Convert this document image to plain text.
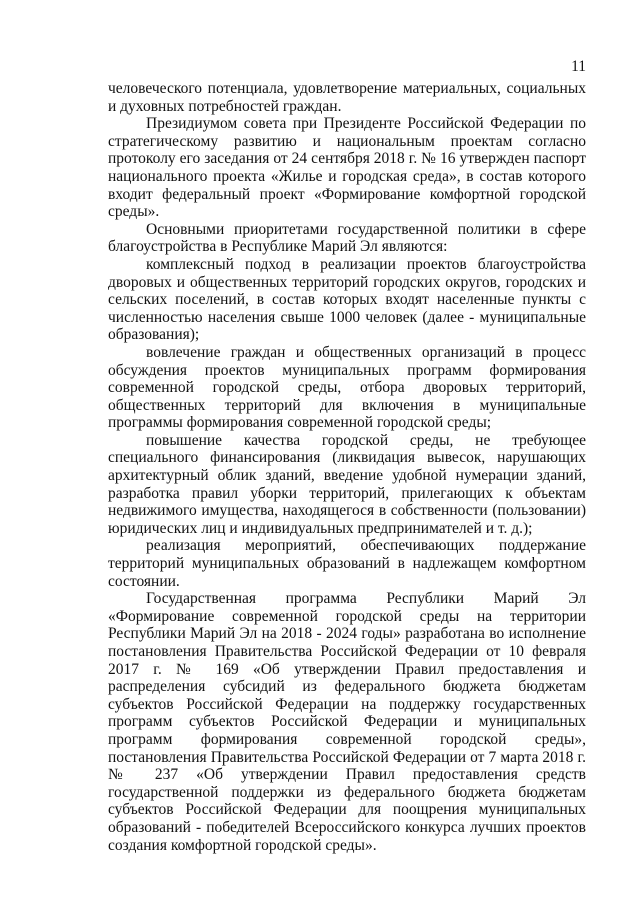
11

человеческого потенциала, удовлетворение материальных, социальных и духовных потребностей граждан.

Президиумом совета при Президенте Российской Федерации по стратегическому развитию и национальным проектам согласно протоколу его заседания от 24 сентября 2018 г. № 16 утвержден паспорт национального проекта «Жилье и городская среда», в состав которого входит федеральный проект «Формирование комфортной городской среды».

Основными приоритетами государственной политики в сфере благоустройства в Республике Марий Эл являются:

комплексный подход в реализации проектов благоустройства дворовых и общественных территорий городских округов, городских и сельских поселений, в состав которых входят населенные пункты с численностью населения свыше 1000 человек (далее - муниципальные образования);

вовлечение граждан и общественных организаций в процесс обсуждения проектов муниципальных программ формирования современной городской среды, отбора дворовых территорий, общественных территорий для включения в муниципальные программы формирования современной городской среды;

повышение качества городской среды, не требующее специального финансирования (ликвидация вывесок, нарушающих архитектурный облик зданий, введение удобной нумерации зданий, разработка правил уборки территорий, прилегающих к объектам недвижимого имущества, находящегося в собственности (пользовании) юридических лиц и индивидуальных предпринимателей и т. д.);

реализация мероприятий, обеспечивающих поддержание территорий муниципальных образований в надлежащем комфортном состоянии.

Государственная программа Республики Марий Эл «Формирование современной городской среды на территории Республики Марий Эл на 2018 - 2024 годы» разработана во исполнение постановления Правительства Российской Федерации от 10 февраля 2017 г. № 169 «Об утверждении Правил предоставления и распределения субсидий из федерального бюджета бюджетам субъектов Российской Федерации на поддержку государственных программ субъектов Российской Федерации и муниципальных программ формирования современной городской среды», постановления Правительства Российской Федерации от 7 марта 2018 г. № 237 «Об утверждении Правил предоставления средств государственной поддержки из федерального бюджета бюджетам субъектов Российской Федерации для поощрения муниципальных образований - победителей Всероссийского конкурса лучших проектов создания комфортной городской среды».
